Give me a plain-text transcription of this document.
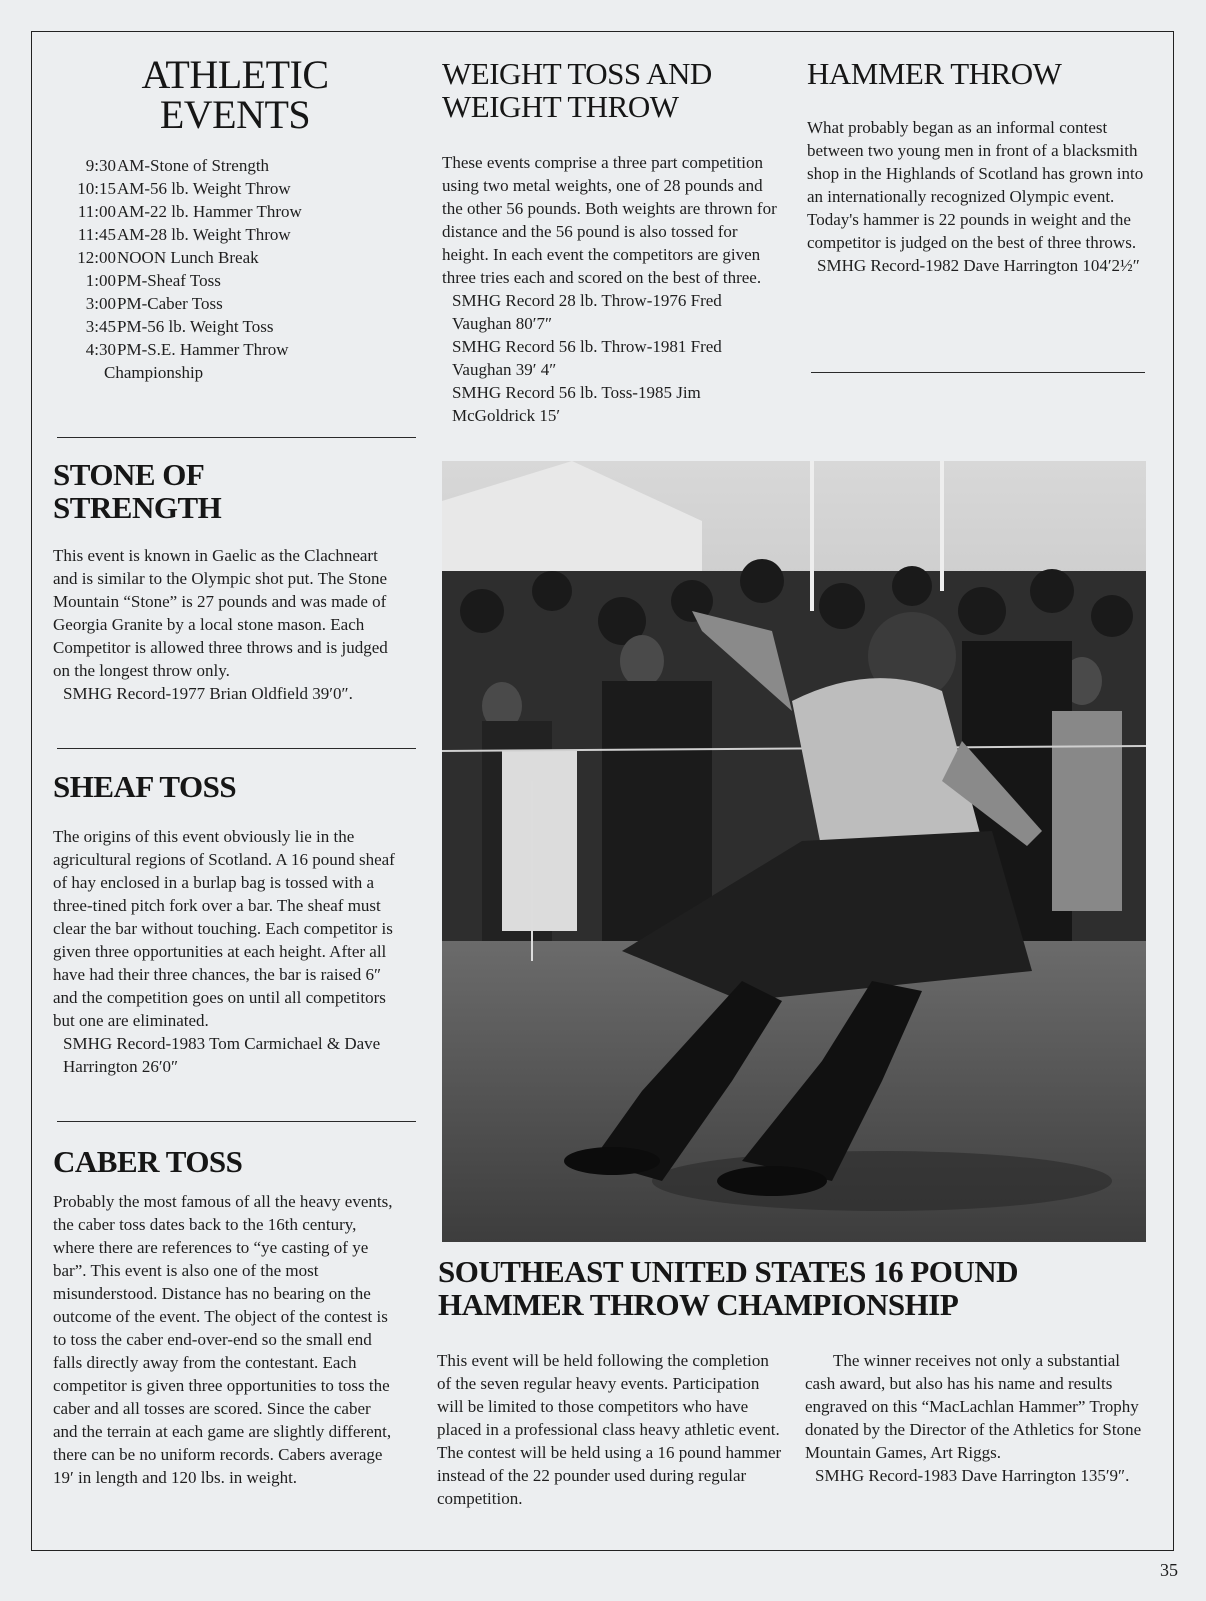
ATHLETIC
EVENTS
9:30 AM-Stone of Strength
10:15 AM-56 lb. Weight Throw
11:00 AM-22 lb. Hammer Throw
11:45 AM-28 lb. Weight Throw
12:00 NOON Lunch Break
1:00 PM-Sheaf Toss
3:00 PM-Caber Toss
3:45 PM-56 lb. Weight Toss
4:30 PM-S.E. Hammer Throw
Championship
STONE OF
STRENGTH

This event is known in Gaelic as the Clachneart and is similar to the Olympic shot put. The Stone Mountain “Stone” is 27 pounds and was made of Georgia Granite by a local stone mason. Each Competitor is allowed three throws and is judged on the longest throw only.

SMHG Record-1977 Brian Oldfield 39′0″.

SHEAF TOSS

The origins of this event obviously lie in the agricultural regions of Scotland. A 16 pound sheaf of hay enclosed in a burlap bag is tossed with a three-tined pitch fork over a bar. The sheaf must clear the bar without touching. Each competitor is given three opportunities at each height. After all have had their three chances, the bar is raised 6″ and the competition goes on until all competitors but one are eliminated.

SMHG Record-1983 Tom Carmichael & Dave Harrington 26′0″

CABER TOSS

Probably the most famous of all the heavy events, the caber toss dates back to the 16th century, where there are references to “ye casting of ye bar”. This event is also one of the most misunderstood. Distance has no bearing on the outcome of the event. The object of the contest is to toss the caber end-over-end so the small end falls directly away from the contestant. Each competitor is given three opportunities to toss the caber and all tosses are scored. Since the caber and the terrain at each game are slightly different, there can be no uniform records. Cabers average 19′ in length and 120 lbs. in weight.

WEIGHT TOSS AND
WEIGHT THROW

These events comprise a three part competition using two metal weights, one of 28 pounds and the other 56 pounds. Both weights are thrown for distance and the 56 pound is also tossed for height. In each event the competitors are given three tries each and scored on the best of three.

SMHG Record 28 lb. Throw-1976 Fred Vaughan 80′7″

SMHG Record 56 lb. Throw-1981 Fred Vaughan 39′ 4″

SMHG Record 56 lb. Toss-1985 Jim McGoldrick 15′

HAMMER THROW

What probably began as an informal contest between two young men in front of a blacksmith shop in the Highlands of Scotland has grown into an internationally recognized Olympic event. Today's hammer is 22 pounds in weight and the competitor is judged on the best of three throws.

SMHG Record-1982 Dave Harrington 104′2½″

SOUTHEAST UNITED STATES 16 POUND
HAMMER THROW CHAMPIONSHIP

This event will be held following the completion of the seven regular heavy events. Participation will be limited to those competitors who have placed in a professional class heavy athletic event. The contest will be held using a 16 pound hammer instead of the 22 pounder used during regular competition.

The winner receives not only a substantial cash award, but also has his name and results engraved on this “MacLachlan Hammer” Trophy donated by the Director of the Athletics for Stone Mountain Games, Art Riggs.

SMHG Record-1983 Dave Harrington 135′9″.

35
